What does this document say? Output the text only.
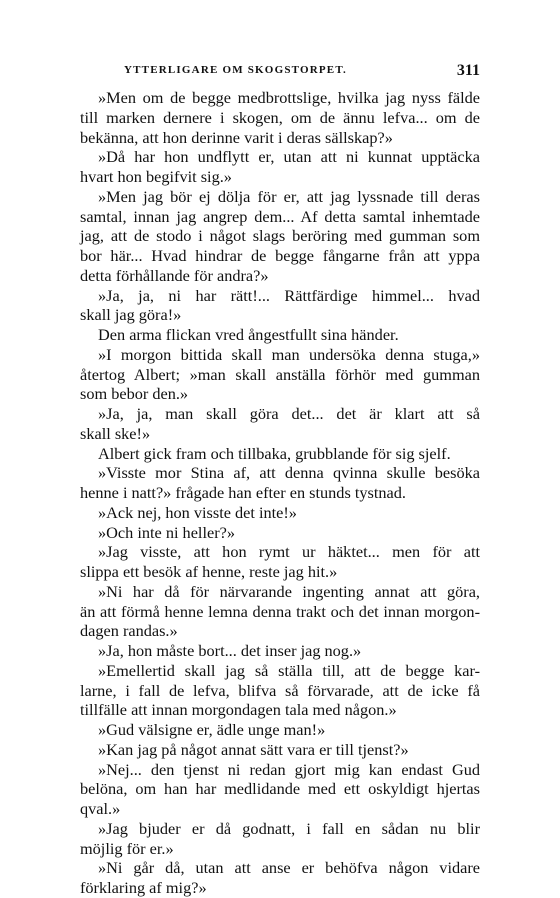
YTTERLIGARE OM SKOGSTORPET.	311
»Men om de begge medbrottslige, hvilka jag nyss fälde
till marken dernere i skogen, om de ännu lefva... om de
bekänna, att hon derinne varit i deras sällskap?»
»Då har hon undflytt er, utan att ni kunnat upptäcka
hvart hon begifvit sig.»
»Men jag bör ej dölja för er, att jag lyssnade till deras
samtal, innan jag angrep dem... Af detta samtal inhemtade
jag, att de stodo i något slags beröring med gumman som
bor här... Hvad hindrar de begge fångarne från att yppa
detta förhållande för andra?»
»Ja, ja, ni har rätt!... Rättfärdige himmel... hvad
skall jag göra!»
Den arma flickan vred ångestfullt sina händer.
»I morgon bittida skall man undersöka denna stuga,»
återtog Albert; »man skall anställa förhör med gumman
som bebor den.»
»Ja, ja, man skall göra det... det är klart att så
skall ske!»
Albert gick fram och tillbaka, grubblande för sig sjelf.
»Visste mor Stina af, att denna qvinna skulle besöka
henne i natt?» frågade han efter en stunds tystnad.
»Ack nej, hon visste det inte!»
»Och inte ni heller?»
»Jag visste, att hon rymt ur häktet... men för att
slippa ett besök af henne, reste jag hit.»
»Ni har då för närvarande ingenting annat att göra,
än att förmå henne lemna denna trakt och det innan morgon-
dagen randas.»
»Ja, hon måste bort... det inser jag nog.»
»Emellertid skall jag så ställa till, att de begge kar-
larne, i fall de lefva, blifva så förvarade, att de icke få
tillfälle att innan morgondagen tala med någon.»
»Gud välsigne er, ädle unge man!»
»Kan jag på något annat sätt vara er till tjenst?»
»Nej... den tjenst ni redan gjort mig kan endast Gud
belöna, om han har medlidande med ett oskyldigt hjertas
qval.»
»Jag bjuder er då godnatt, i fall en sådan nu blir
möjlig för er.»
»Ni går då, utan att anse er behöfva någon vidare
förklaring af mig?»
